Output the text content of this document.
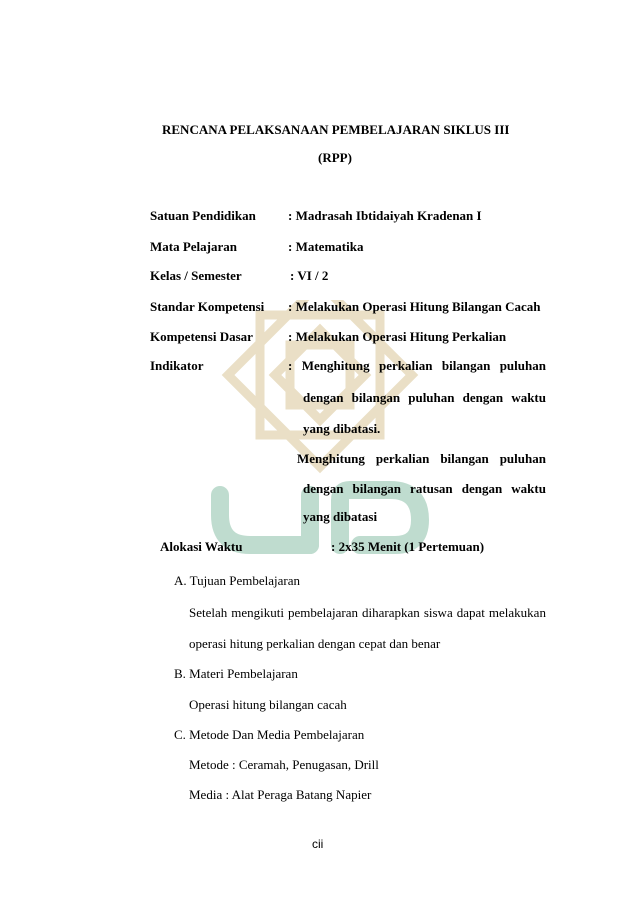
RENCANA PELAKSANAAN PEMBELAJARAN SIKLUS III
(RPP)
Satuan Pendidikan : Madrasah Ibtidaiyah Kradenan I
Mata Pelajaran	: Matematika
Kelas / Semester	: VI / 2
Standar Kompetensi : Melakukan Operasi Hitung Bilangan Cacah
Kompetensi Dasar	: Melakukan Operasi Hitung Perkalian
Indikator	: Menghitung perkalian bilangan puluhan
dengan bilangan puluhan dengan waktu
yang dibatasi.
Menghitung perkalian bilangan puluhan
dengan bilangan ratusan dengan waktu
yang dibatasi
Alokasi Waktu	: 2x35 Menit (1 Pertemuan)
A. Tujuan Pembelajaran
Setelah mengikuti pembelajaran diharapkan siswa dapat melakukan
operasi hitung perkalian dengan cepat dan benar
B. Materi Pembelajaran
Operasi hitung bilangan cacah
C. Metode Dan Media Pembelajaran
Metode : Ceramah, Penugasan, Drill
Media : Alat Peraga Batang Napier
cii
